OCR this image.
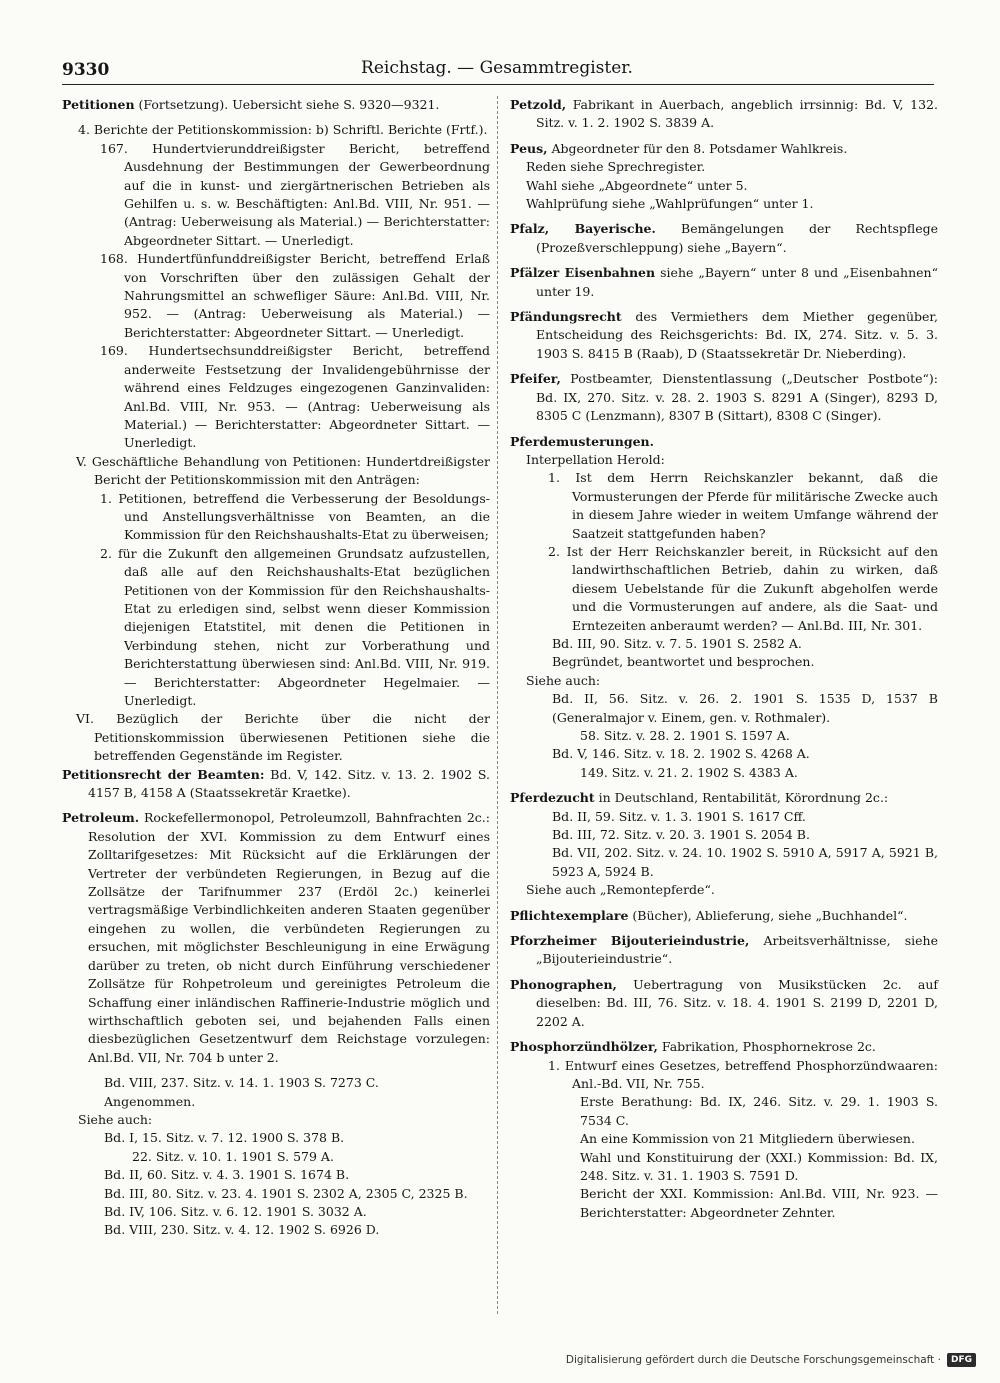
9330	Reichstag. — Gesammtregister.

Petitionen (Fortsetzung). Uebersicht siehe S. 9320—9321.

4. Berichte der Petitionskommission: b) Schriftl. Berichte (Frtf.).

167. Hundertvierunddreißigster Bericht, betreffend Ausdehnung der Bestimmungen der Gewerbeordnung auf die in kunst- und ziergärtnerischen Betrieben als Gehilfen u. s. w. Beschäftigten: Anl.Bd. VIII, Nr. 951. — (Antrag: Ueberweisung als Material.) — Berichterstatter: Abgeordneter Sittart. — Unerledigt.

168. Hundertfünfunddreißigster Bericht, betreffend Erlaß von Vorschriften über den zulässigen Gehalt der Nahrungsmittel an schwefliger Säure: Anl.Bd. VIII, Nr. 952. — (Antrag: Ueberweisung als Material.) — Berichterstatter: Abgeordneter Sittart. — Unerledigt.

169. Hundertsechsunddreißigster Bericht, betreffend anderweite Festsetzung der Invalidengebührnisse der während eines Feldzuges eingezogenen Ganzinvaliden: Anl.Bd. VIII, Nr. 953. — (Antrag: Ueberweisung als Material.) — Berichterstatter: Abgeordneter Sittart. — Unerledigt.

V. Geschäftliche Behandlung von Petitionen: Hundertdreißigster Bericht der Petitionskommission mit den Anträgen:

1. Petitionen, betreffend die Verbesserung der Besoldungs- und Anstellungsverhältnisse von Beamten, an die Kommission für den Reichshaushalts-Etat zu überweisen;

2. für die Zukunft den allgemeinen Grundsatz aufzustellen, daß alle auf den Reichshaushalts-Etat bezüglichen Petitionen von der Kommission für den Reichshaushalts-Etat zu erledigen sind, selbst wenn dieser Kommission diejenigen Etatstitel, mit denen die Petitionen in Verbindung stehen, nicht zur Vorberathung und Berichterstattung überwiesen sind: Anl.Bd. VIII, Nr. 919. — Berichterstatter: Abgeordneter Hegelmaier. — Unerledigt.

VI. Bezüglich der Berichte über die nicht der Petitionskommission überwiesenen Petitionen siehe die betreffenden Gegenstände im Register.

Petitionsrecht der Beamten: Bd. V, 142. Sitz. v. 13. 2. 1902 S. 4157 B, 4158 A (Staatssekretär Kraetke).

Petroleum. Rockefellermonopol, Petroleumzoll, Bahnfrachten 2c.: Resolution der XVI. Kommission zu dem Entwurf eines Zolltarifgesetzes: Mit Rücksicht auf die Erklärungen der Vertreter der verbündeten Regierungen, in Bezug auf die Zollsätze der Tarifnummer 237 (Erdöl 2c.) keinerlei vertragsmäßige Verbindlichkeiten anderen Staaten gegenüber eingehen zu wollen, die verbündeten Regierungen zu ersuchen, mit möglichster Beschleunigung in eine Erwägung darüber zu treten, ob nicht durch Einführung verschiedener Zollsätze für Rohpetroleum und gereinigtes Petroleum die Schaffung einer inländischen Raffinerie-Industrie möglich und wirthschaftlich geboten sei, und bejahenden Falls einen diesbezüglichen Gesetzentwurf dem Reichstage vorzulegen: Anl.Bd. VII, Nr. 704 b unter 2.

Bd. VIII, 237. Sitz. v. 14. 1. 1903 S. 7273 C.

Angenommen.

Siehe auch:

Bd. I, 15. Sitz. v. 7. 12. 1900 S. 378 B.

22. Sitz. v. 10. 1. 1901 S. 579 A.

Bd. II, 60. Sitz. v. 4. 3. 1901 S. 1674 B.

Bd. III, 80. Sitz. v. 23. 4. 1901 S. 2302 A, 2305 C, 2325 B.

Bd. IV, 106. Sitz. v. 6. 12. 1901 S. 3032 A.

Bd. VIII, 230. Sitz. v. 4. 12. 1902 S. 6926 D.

Petzold, Fabrikant in Auerbach, angeblich irrsinnig: Bd. V, 132. Sitz. v. 1. 2. 1902 S. 3839 A.

Peus, Abgeordneter für den 8. Potsdamer Wahlkreis.

Reden siehe Sprechregister.

Wahl siehe „Abgeordnete“ unter 5.

Wahlprüfung siehe „Wahlprüfungen“ unter 1.

Pfalz, Bayerische. Bemängelungen der Rechtspflege (Prozeßverschleppung) siehe „Bayern“.

Pfälzer Eisenbahnen siehe „Bayern“ unter 8 und „Eisenbahnen“ unter 19.

Pfändungsrecht des Vermiethers dem Miether gegenüber, Entscheidung des Reichsgerichts: Bd. IX, 274. Sitz. v. 5. 3. 1903 S. 8415 B (Raab), D (Staatssekretär Dr. Nieberding).

Pfeifer, Postbeamter, Dienstentlassung („Deutscher Postbote“): Bd. IX, 270. Sitz. v. 28. 2. 1903 S. 8291 A (Singer), 8293 D, 8305 C (Lenzmann), 8307 B (Sittart), 8308 C (Singer).

Pferdemusterungen.

Interpellation Herold:

1. Ist dem Herrn Reichskanzler bekannt, daß die Vormusterungen der Pferde für militärische Zwecke auch in diesem Jahre wieder in weitem Umfange während der Saatzeit stattgefunden haben?

2. Ist der Herr Reichskanzler bereit, in Rücksicht auf den landwirthschaftlichen Betrieb, dahin zu wirken, daß diesem Uebelstande für die Zukunft abgeholfen werde und die Vormusterungen auf andere, als die Saat- und Erntezeiten anberaumt werden? — Anl.Bd. III, Nr. 301.

Bd. III, 90. Sitz. v. 7. 5. 1901 S. 2582 A.

Begründet, beantwortet und besprochen.

Siehe auch:

Bd. II, 56. Sitz. v. 26. 2. 1901 S. 1535 D, 1537 B (Generalmajor v. Einem, gen. v. Rothmaler).

58. Sitz. v. 28. 2. 1901 S. 1597 A.

Bd. V, 146. Sitz. v. 18. 2. 1902 S. 4268 A.

149. Sitz. v. 21. 2. 1902 S. 4383 A.

Pferdezucht in Deutschland, Rentabilität, Körordnung 2c.:

Bd. II, 59. Sitz. v. 1. 3. 1901 S. 1617 Cff.

Bd. III, 72. Sitz. v. 20. 3. 1901 S. 2054 B.

Bd. VII, 202. Sitz. v. 24. 10. 1902 S. 5910 A, 5917 A, 5921 B, 5923 A, 5924 B.

Siehe auch „Remontepferde“.

Pflichtexemplare (Bücher), Ablieferung, siehe „Buchhandel“.

Pforzheimer Bijouterieindustrie, Arbeitsverhältnisse, siehe „Bijouterieindustrie“.

Phonographen, Uebertragung von Musikstücken 2c. auf dieselben: Bd. III, 76. Sitz. v. 18. 4. 1901 S. 2199 D, 2201 D, 2202 A.

Phosphorzündhölzer, Fabrikation, Phosphornekrose 2c.

1. Entwurf eines Gesetzes, betreffend Phosphorzündwaaren: Anl.-Bd. VII, Nr. 755.

Erste Berathung: Bd. IX, 246. Sitz. v. 29. 1. 1903 S. 7534 C.

An eine Kommission von 21 Mitgliedern überwiesen.

Wahl und Konstituirung der (XXI.) Kommission: Bd. IX, 248. Sitz. v. 31. 1. 1903 S. 7591 D.

Bericht der XXI. Kommission: Anl.Bd. VIII, Nr. 923. — Berichterstatter: Abgeordneter Zehnter.

Digitalisierung gefördert durch die Deutsche Forschungsgemeinschaft ·	DFG
